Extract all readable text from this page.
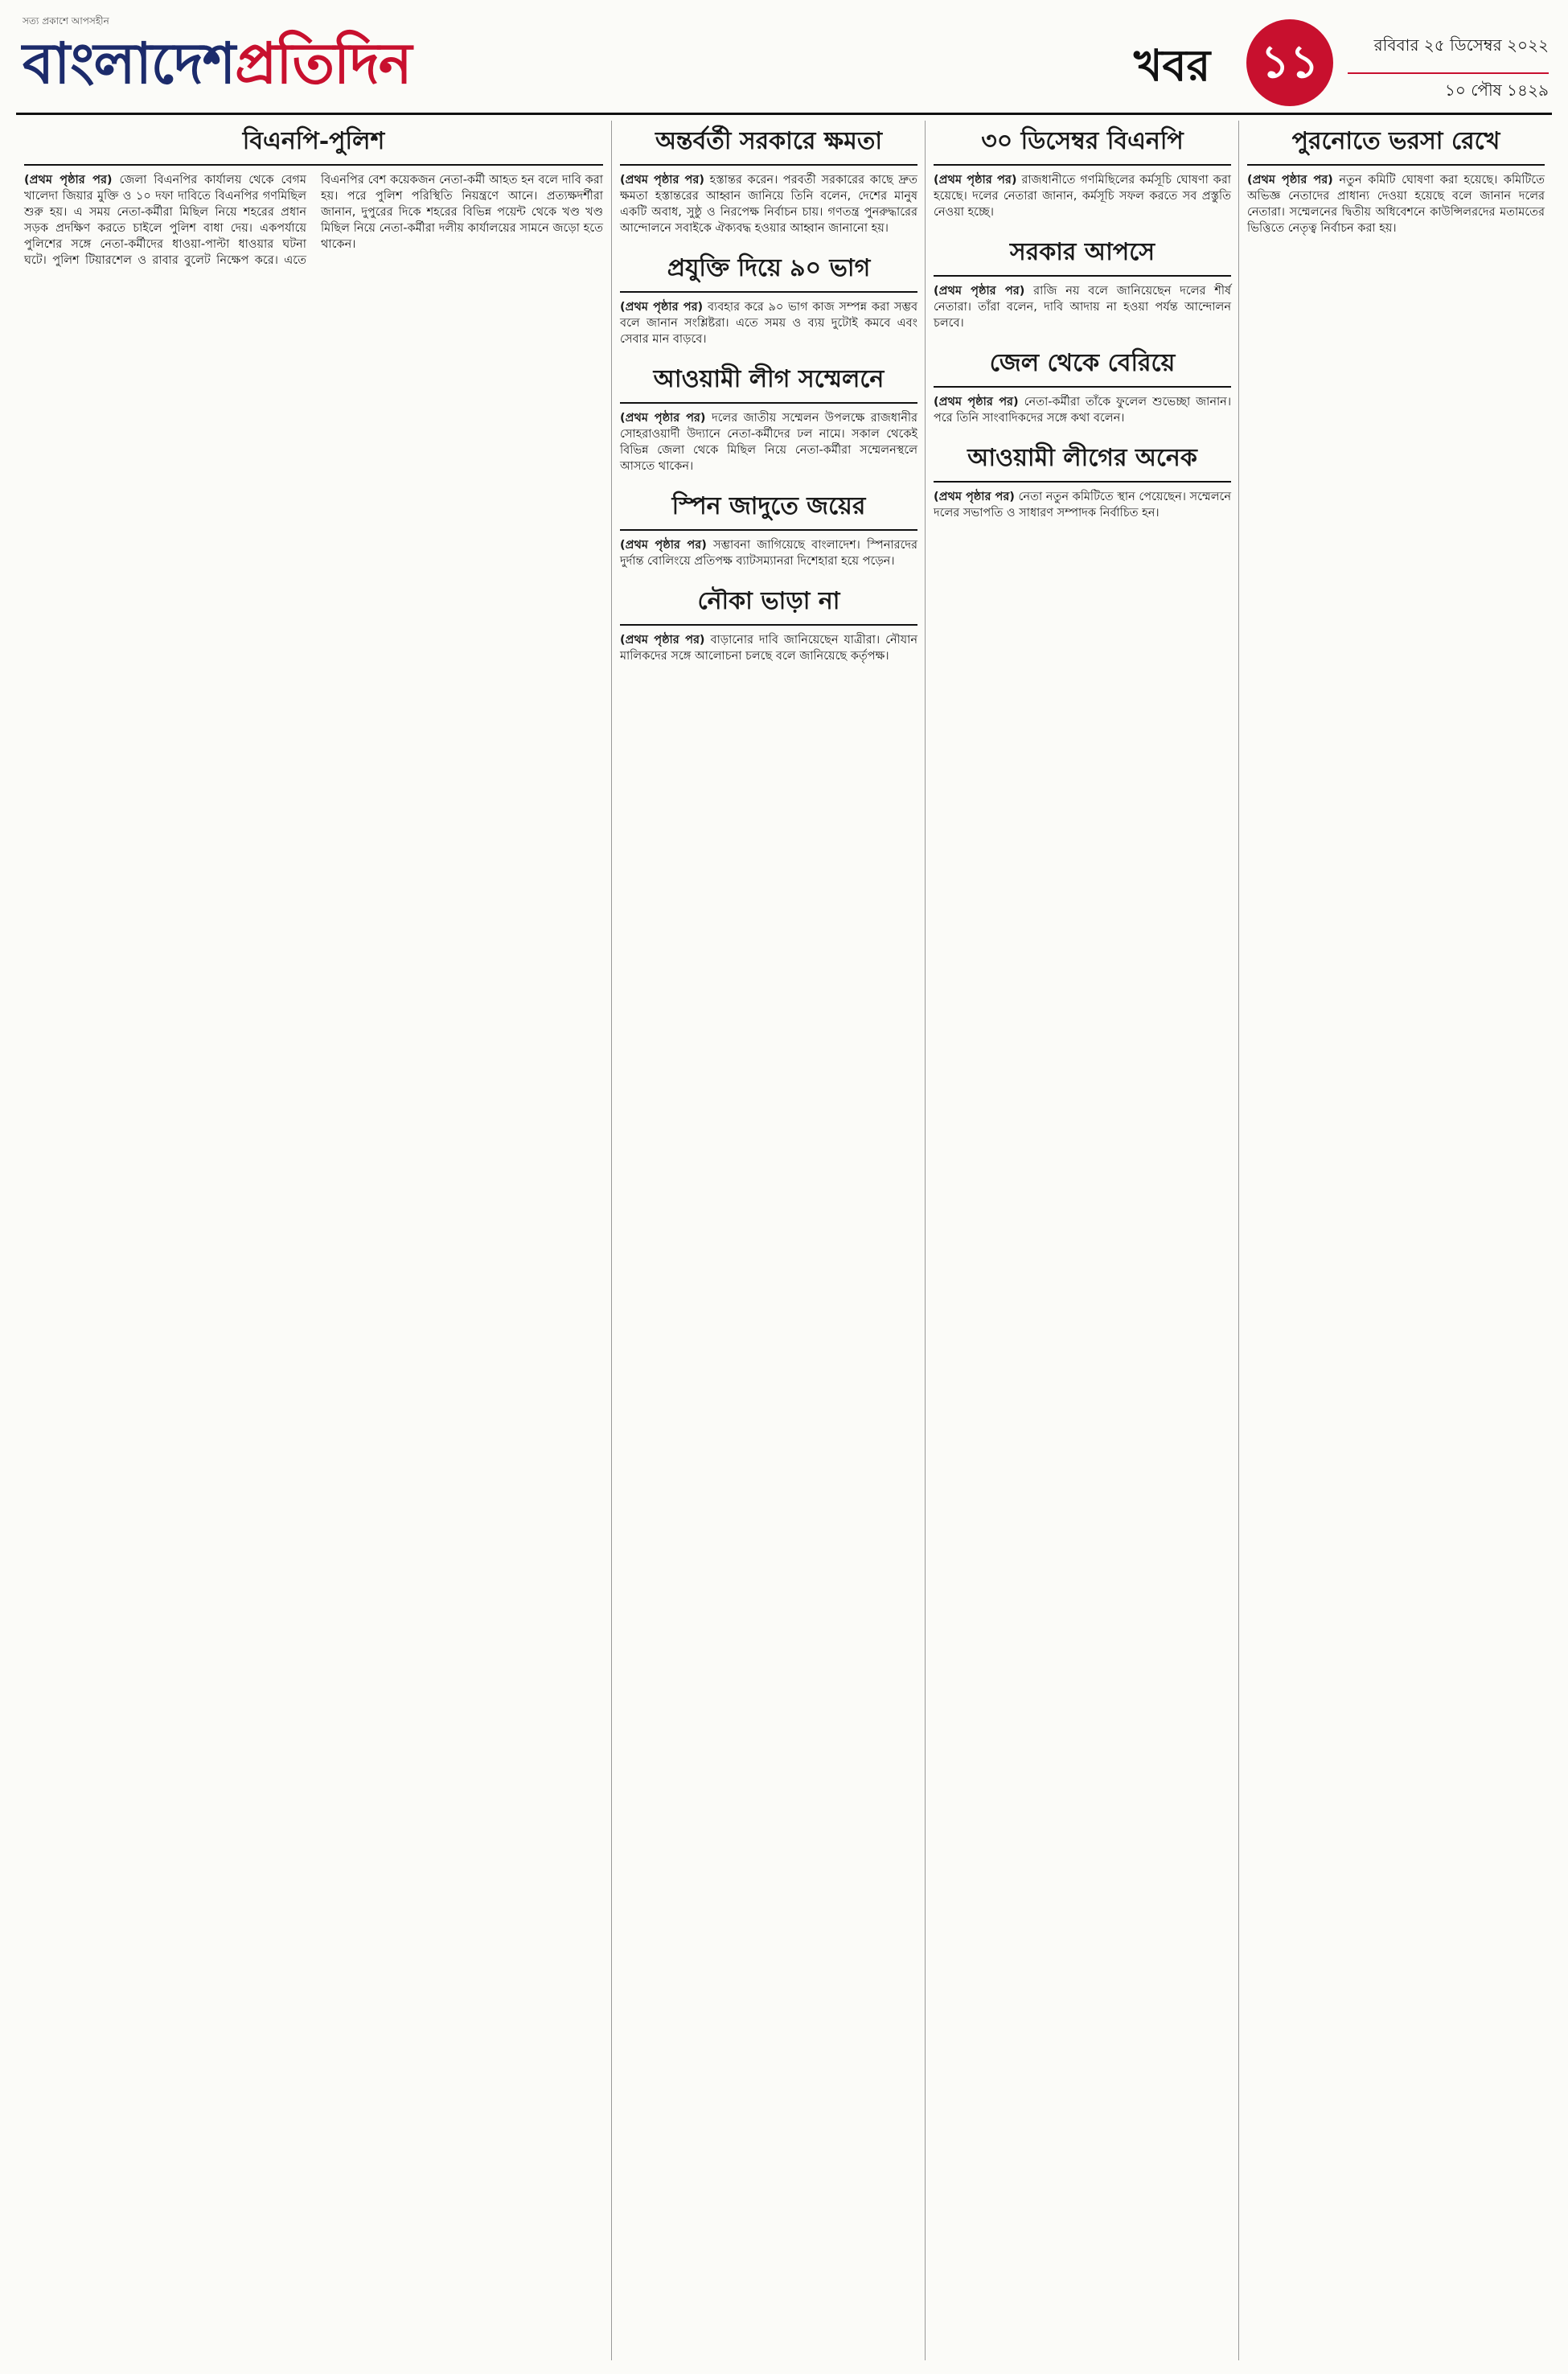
সত্য প্রকাশে আপসহীন
বাংলাদেশপ্রতিদিন	খবর	১১	রবিবার ২৫ ডিসেম্বর ২০২২
১০ পৌষ ১৪২৯
বিএনপি-পুলিশ

(প্রথম পৃষ্ঠার পর) জেলা বিএনপির কার্যালয় থেকে বেগম খালেদা জিয়ার মুক্তি ও ১০ দফা দাবিতে বিএনপির গণমিছিল শুরু হয়। এ সময় নেতা-কর্মীরা মিছিল নিয়ে শহরের প্রধান সড়ক প্রদক্ষিণ করতে চাইলে পুলিশ বাধা দেয়। একপর্যায়ে পুলিশের সঙ্গে নেতা-কর্মীদের ধাওয়া-পাল্টা ধাওয়ার ঘটনা ঘটে। পুলিশ টিয়ারশেল ও রাবার বুলেট নিক্ষেপ করে। এতে বিএনপির বেশ কয়েকজন নেতা-কর্মী আহত হন বলে দাবি করা হয়। পরে পুলিশ পরিস্থিতি নিয়ন্ত্রণে আনে। প্রত্যক্ষদর্শীরা জানান, দুপুরের দিকে শহরের বিভিন্ন পয়েন্ট থেকে খণ্ড খণ্ড মিছিল নিয়ে নেতা-কর্মীরা দলীয় কার্যালয়ের সামনে জড়ো হতে থাকেন।

অন্তর্বর্তী সরকারে ক্ষমতা

(প্রথম পৃষ্ঠার পর) হস্তান্তর করেন। পরবর্তী সরকারের কাছে দ্রুত ক্ষমতা হস্তান্তরের আহ্বান জানিয়ে তিনি বলেন, দেশের মানুষ একটি অবাধ, সুষ্ঠু ও নিরপেক্ষ নির্বাচন চায়। গণতন্ত্র পুনরুদ্ধারের আন্দোলনে সবাইকে ঐক্যবদ্ধ হওয়ার আহ্বান জানানো হয়।

প্রযুক্তি দিয়ে ৯০ ভাগ

(প্রথম পৃষ্ঠার পর) ব্যবহার করে ৯০ ভাগ কাজ সম্পন্ন করা সম্ভব বলে জানান সংশ্লিষ্টরা। এতে সময় ও ব্যয় দুটোই কমবে এবং সেবার মান বাড়বে।

আওয়ামী লীগ সম্মেলনে

(প্রথম পৃষ্ঠার পর) দলের জাতীয় সম্মেলন উপলক্ষে রাজধানীর সোহরাওয়ার্দী উদ্যানে নেতা-কর্মীদের ঢল নামে। সকাল থেকেই বিভিন্ন জেলা থেকে মিছিল নিয়ে নেতা-কর্মীরা সম্মেলনস্থলে আসতে থাকেন।

স্পিন জাদুতে জয়ের

(প্রথম পৃষ্ঠার পর) সম্ভাবনা জাগিয়েছে বাংলাদেশ। স্পিনারদের দুর্দান্ত বোলিংয়ে প্রতিপক্ষ ব্যাটসম্যানরা দিশেহারা হয়ে পড়েন।

নৌকা ভাড়া না

(প্রথম পৃষ্ঠার পর) বাড়ানোর দাবি জানিয়েছেন যাত্রীরা। নৌযান মালিকদের সঙ্গে আলোচনা চলছে বলে জানিয়েছে কর্তৃপক্ষ।

৩০ ডিসেম্বর বিএনপি

(প্রথম পৃষ্ঠার পর) রাজধানীতে গণমিছিলের কর্মসূচি ঘোষণা করা হয়েছে। দলের নেতারা জানান, কর্মসূচি সফল করতে সব প্রস্তুতি নেওয়া হচ্ছে।

সরকার আপসে

(প্রথম পৃষ্ঠার পর) রাজি নয় বলে জানিয়েছেন দলের শীর্ষ নেতারা। তাঁরা বলেন, দাবি আদায় না হওয়া পর্যন্ত আন্দোলন চলবে।

জেল থেকে বেরিয়ে

(প্রথম পৃষ্ঠার পর) নেতা-কর্মীরা তাঁকে ফুলেল শুভেচ্ছা জানান। পরে তিনি সাংবাদিকদের সঙ্গে কথা বলেন।

আওয়ামী লীগের অনেক

(প্রথম পৃষ্ঠার পর) নেতা নতুন কমিটিতে স্থান পেয়েছেন। সম্মেলনে দলের সভাপতি ও সাধারণ সম্পাদক নির্বাচিত হন।

পুরনোতে ভরসা রেখে

(প্রথম পৃষ্ঠার পর) নতুন কমিটি ঘোষণা করা হয়েছে। কমিটিতে অভিজ্ঞ নেতাদের প্রাধান্য দেওয়া হয়েছে বলে জানান দলের নেতারা। সম্মেলনের দ্বিতীয় অধিবেশনে কাউন্সিলরদের মতামতের ভিত্তিতে নেতৃত্ব নির্বাচন করা হয়।
